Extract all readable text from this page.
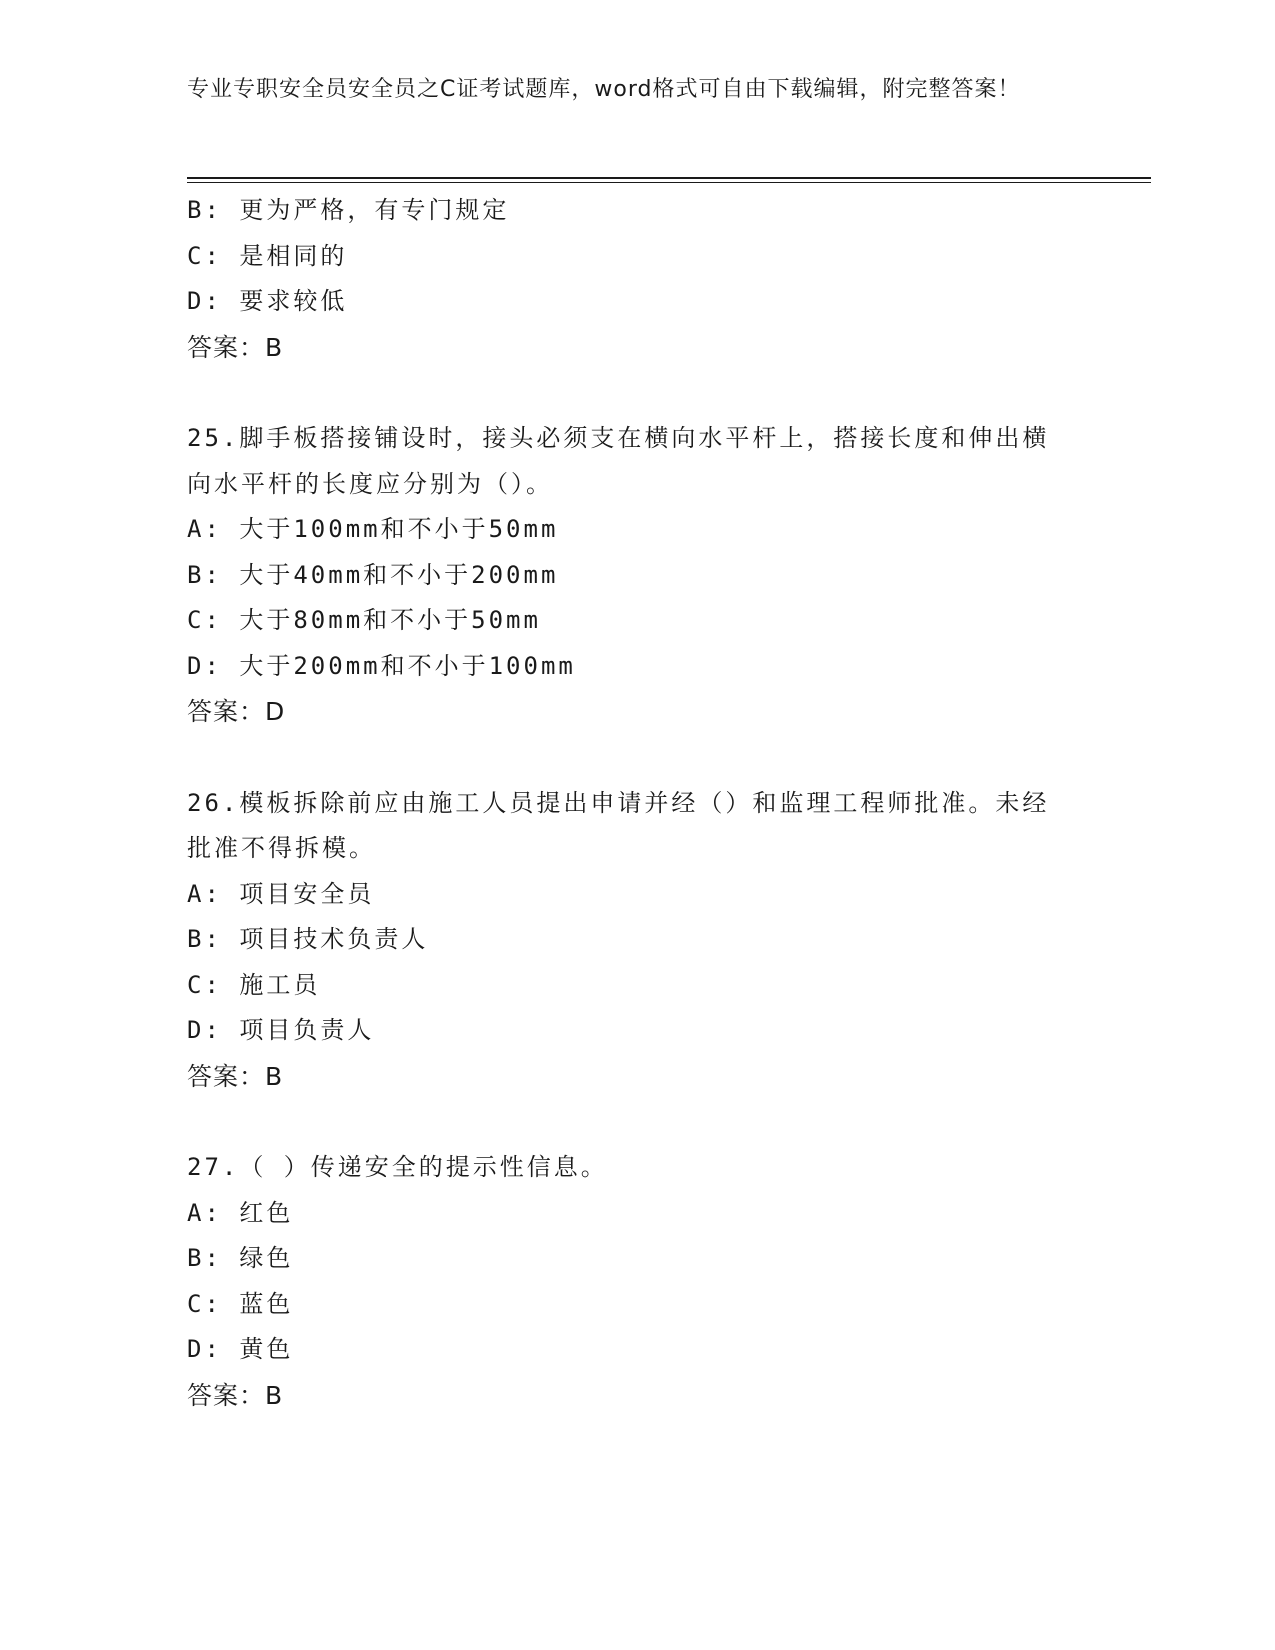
专业专职安全员安全员之C证考试题库，word格式可自由下载编辑，附完整答案！
B: 更为严格，有专门规定
C: 是相同的
D: 要求较低
答案：B
25.脚手板搭接铺设时，接头必须支在横向水平杆上，搭接长度和伸出横向水平杆的长度应分别为（）。
A: 大于100mm和不小于50mm
B: 大于40mm和不小于200mm
C: 大于80mm和不小于50mm
D: 大于200mm和不小于100mm
答案：D
26.模板拆除前应由施工人员提出申请并经（）和监理工程师批准。未经批准不得拆模。
A: 项目安全员
B: 项目技术负责人
C: 施工员
D: 项目负责人
答案：B
27.（ ）传递安全的提示性信息。
A: 红色
B: 绿色
C: 蓝色
D: 黄色
答案：B
